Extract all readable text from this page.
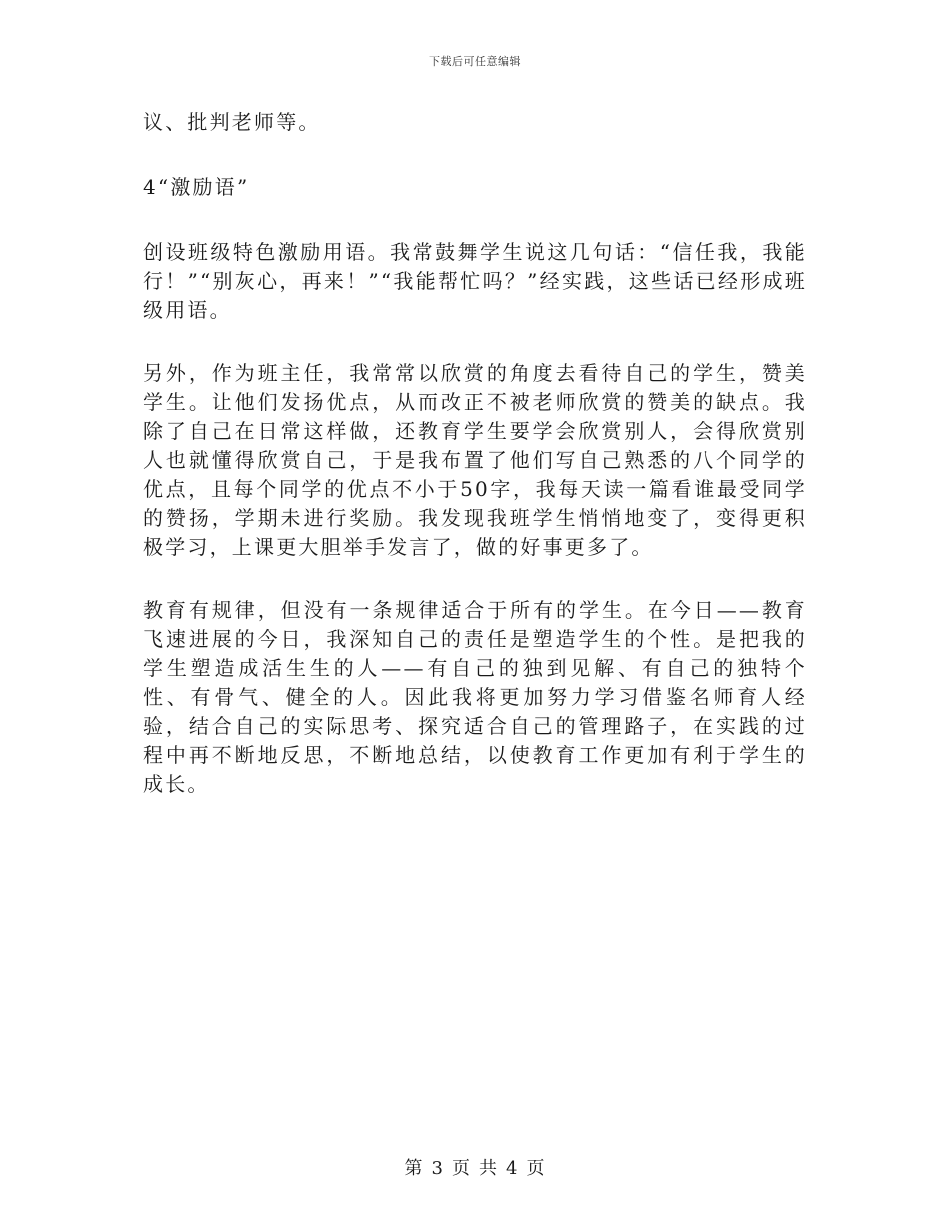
下载后可任意编辑

议、批判老师等。

4“激励语”

创设班级特色激励用语。我常鼓舞学生说这几句话：“信任我，我能行！”“别灰心，再来！”“我能帮忙吗？”经实践，这些话已经形成班级用语。

另外，作为班主任，我常常以欣赏的角度去看待自己的学生，赞美学生。让他们发扬优点，从而改正不被老师欣赏的赞美的缺点。我除了自己在日常这样做，还教育学生要学会欣赏别人，会得欣赏别人也就懂得欣赏自己，于是我布置了他们写自己熟悉的八个同学的优点，且每个同学的优点不小于50字，我每天读一篇看谁最受同学的赞扬，学期未进行奖励。我发现我班学生悄悄地变了，变得更积极学习，上课更大胆举手发言了，做的好事更多了。

教育有规律，但没有一条规律适合于所有的学生。在今日——教育飞速进展的今日，我深知自己的责任是塑造学生的个性。是把我的学生塑造成活生生的人——有自己的独到见解、有自己的独特个性、有骨气、健全的人。因此我将更加努力学习借鉴名师育人经验，结合自己的实际思考、探究适合自己的管理路子，在实践的过程中再不断地反思，不断地总结，以使教育工作更加有利于学生的成长。

第 3 页 共 4 页
